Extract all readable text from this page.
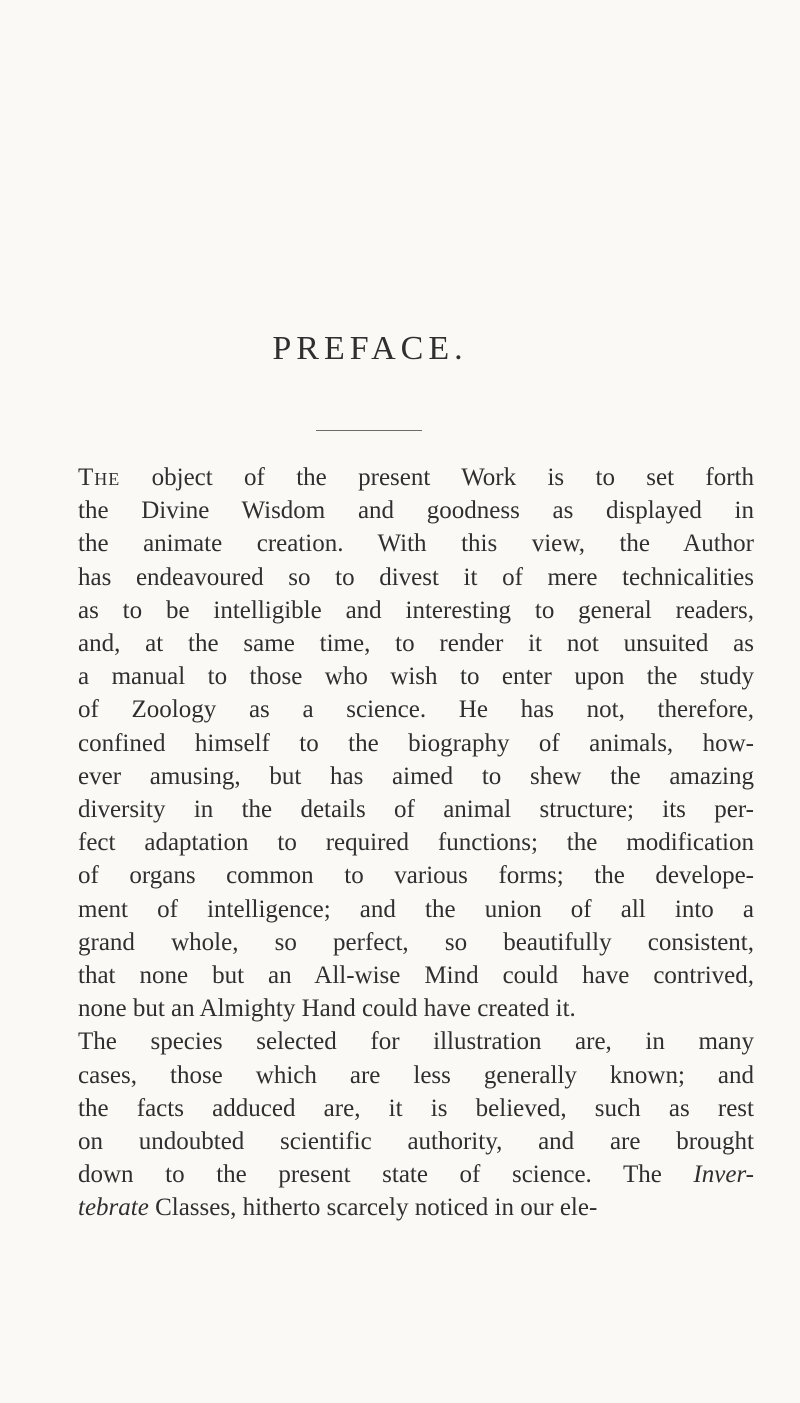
PREFACE.

The object of the present Work is to set forth
the Divine Wisdom and goodness as displayed in
the animate creation. With this view, the Author
has endeavoured so to divest it of mere technicalities
as to be intelligible and interesting to general readers,
and, at the same time, to render it not unsuited as
a manual to those who wish to enter upon the study
of Zoology as a science. He has not, therefore,
confined himself to the biography of animals, how-
ever amusing, but has aimed to shew the amazing
diversity in the details of animal structure; its per-
fect adaptation to required functions; the modification
of organs common to various forms; the develope-
ment of intelligence; and the union of all into a
grand whole, so perfect, so beautifully consistent,
that none but an All-wise Mind could have contrived,
none but an Almighty Hand could have created it.

The species selected for illustration are, in many
cases, those which are less generally known; and
the facts adduced are, it is believed, such as rest
on undoubted scientific authority, and are brought
down to the present state of science. The Inver-
tebrate Classes, hitherto scarcely noticed in our ele-
